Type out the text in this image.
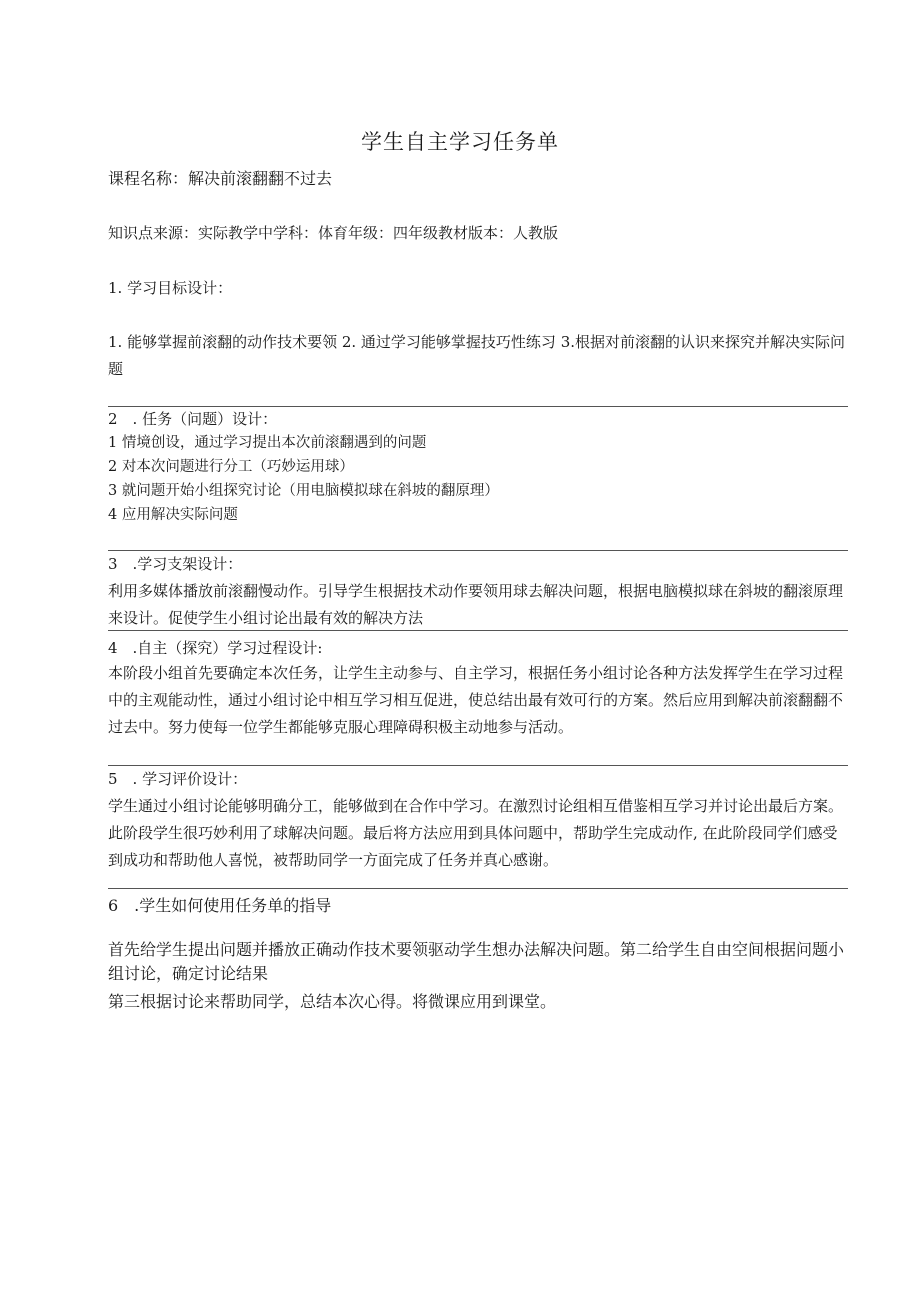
学生自主学习任务单
课程名称：解决前滚翻翻不过去
知识点来源：实际教学中学科：体育年级：四年级教材版本：人教版
1. 学习目标设计：
1. 能够掌握前滚翻的动作技术要领 2. 通过学习能够掌握技巧性练习 3.根据对前滚翻的认识来探究并解决实际问题
2　. 任务（问题）设计：
1 情境创设，通过学习提出本次前滚翻遇到的问题
2 对本次问题进行分工（巧妙运用球）
3 就问题开始小组探究讨论（用电脑模拟球在斜坡的翻原理）
4 应用解决实际问题
3　.学习支架设计：
利用多媒体播放前滚翻慢动作。引导学生根据技术动作要领用球去解决问题，根据电脑模拟球在斜坡的翻滚原理来设计。促使学生小组讨论出最有效的解决方法
4　.自主（探究）学习过程设计:
本阶段小组首先要确定本次任务，让学生主动参与、自主学习，根据任务小组讨论各种方法发挥学生在学习过程中的主观能动性，通过小组讨论中相互学习相互促进，使总结出最有效可行的方案。然后应用到解决前滚翻翻不过去中。努力使每一位学生都能够克服心理障碍积极主动地参与活动。
5　. 学习评价设计：
学生通过小组讨论能够明确分工，能够做到在合作中学习。在激烈讨论组相互借鉴相互学习并讨论出最后方案。此阶段学生很巧妙利用了球解决问题。最后将方法应用到具体问题中，帮助学生完成动作, 在此阶段同学们感受到成功和帮助他人喜悦，被帮助同学一方面完成了任务并真心感谢。
6　.学生如何使用任务单的指导
首先给学生提出问题并播放正确动作技术要领驱动学生想办法解决问题。第二给学生自由空间根据问题小组讨论，确定讨论结果
第三根据讨论来帮助同学，总结本次心得。将微课应用到课堂。
